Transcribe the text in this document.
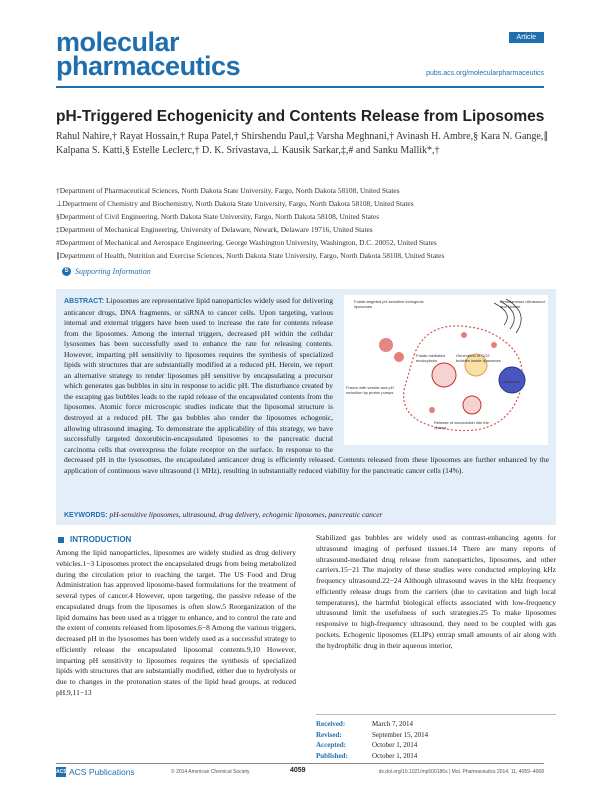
molecular
pharmaceutics
Article
pubs.acs.org/molecularpharmaceutics
pH-Triggered Echogenicity and Contents Release from Liposomes
Rahul Nahire,† Rayat Hossain,† Rupa Patel,† Shirshendu Paul,‡ Varsha Meghnani,† Avinash H. Ambre,§ Kara N. Gange,∥ Kalpana S. Katti,§ Estelle Leclerc,† D. K. Srivastava,⊥ Kausik Sarkar,‡,# and Sanku Mallik*,†
†Department of Pharmaceutical Sciences, North Dakota State University, Fargo, North Dakota 58108, United States
⊥Department of Chemistry and Biochemistry, North Dakota State University, Fargo, North Dakota 58108, United States
§Department of Civil Engineering, North Dakota State University, Fargo, North Dakota 58108, United States
‡Department of Mechanical Engineering, University of Delaware, Newark, Delaware 19716, United States
#Department of Mechanical and Aerospace Engineering, George Washington University, Washington, D.C. 20052, United States
∥Department of Health, Nutrition and Exercise Sciences, North Dakota State University, Fargo, North Dakota 58108, United States
S Supporting Information
ABSTRACT: Liposomes are representative lipid nanoparticles widely used for delivering anticancer drugs, DNA fragments, or siRNA to cancer cells. Upon targeting, various internal and external triggers have been used to increase the rate for contents release from the liposomes. Among the internal triggers, decreased pH within the cellular lysosomes has been successfully used to enhance the rate for releasing contents. However, imparting pH sensitivity to liposomes requires the synthesis of specialized lipids with structures that are substantially modified at a reduced pH. Herein, we report an alternative strategy to render liposomes pH sensitive by encapsulating a precursor which generates gas bubbles in situ in response to acidic pH. The disturbance created by the escaping gas bubbles leads to the rapid release of the encapsulated contents from the liposomes. Atomic force microscopic studies indicate that the liposomal structure is destroyed at a reduced pH. The gas bubbles also render the liposomes echogenic, allowing ultrasound imaging. To demonstrate the applicability of this strategy, we have successfully targeted doxorubicin-encapsulated liposomes to the pancreatic ductal carcinoma cells that overexpress the folate receptor on the surface. In response to the decreased pH in the lysosomes, the encapsulated anticancer drug is efficiently released. Contents released from these liposomes are further enhanced by the application of continuous wave ultrasound (1 MHz), resulting in substantially reduced viability for the pancreatic cancer cells (14%).
Folate-targeted pH-sensitive echogenic liposomes
Simultaneous Ultrasound and Nodule
Folate-mediated endocytosis
Generation of CO2 bubbles inside liposomes
Lysosome
Release of doxorubicin into the cytosol
Fusion with vesicle and pH reduction by proton pumps
KEYWORDS: pH-sensitive liposomes, ultrasound, drug delivery, echogenic liposomes, pancreatic cancer
INTRODUCTION
Among the lipid nanoparticles, liposomes are widely studied as drug delivery vehicles.1−3 Liposomes protect the encapsulated drugs from being metabolized during the circulation prior to reaching the target. The US Food and Drug Administration has approved liposome-based formulations for the treatment of several types of cancer.4 However, upon targeting, the passive release of the encapsulated drugs from the liposomes is often slow.5 Reorganization of the lipid domains has been used as a trigger to enhance, and to control the rate and the extent of contents released from liposomes.6−8 Among the various triggers, decreased pH in the lysosomes has been widely used as a successful strategy to efficiently release the encapsulated liposomal contents.9,10 However, imparting pH sensitivity to liposomes requires the synthesis of specialized lipids with structures that are substantially modified, either due to hydrolysis or due to changes in the protonation states of the lipid head groups, at reduced pH.9,11−13
Stabilized gas bubbles are widely used as contrast-enhancing agents for ultrasound imaging of perfused tissues.14 There are many reports of ultrasound-mediated drug release from nanoparticles, liposomes, and other carriers.15−21 The majority of these studies were conducted employing kHz frequency ultrasound.22−24 Although ultrasound waves in the kHz frequency efficiently release drugs from the carriers (due to cavitation and high local temperatures), the harmful biological effects associated with low-frequency ultrasound limit the usefulness of such strategies.25 To make liposomes responsive to high-frequency ultrasound, they need to be coupled with gas pockets. Echogenic liposomes (ELIPs) entrap small amounts of air along with the hydrophilic drug in their aqueous interior,
Received:	March 7, 2014
Revised:	September 15, 2014
Accepted:	October 1, 2014
Published:	October 1, 2014
ACS ACS Publications	© 2014 American Chemical Society	4059	dx.doi.org/10.1021/mp500186s | Mol. Pharmaceutics 2014, 11, 4059−4068
